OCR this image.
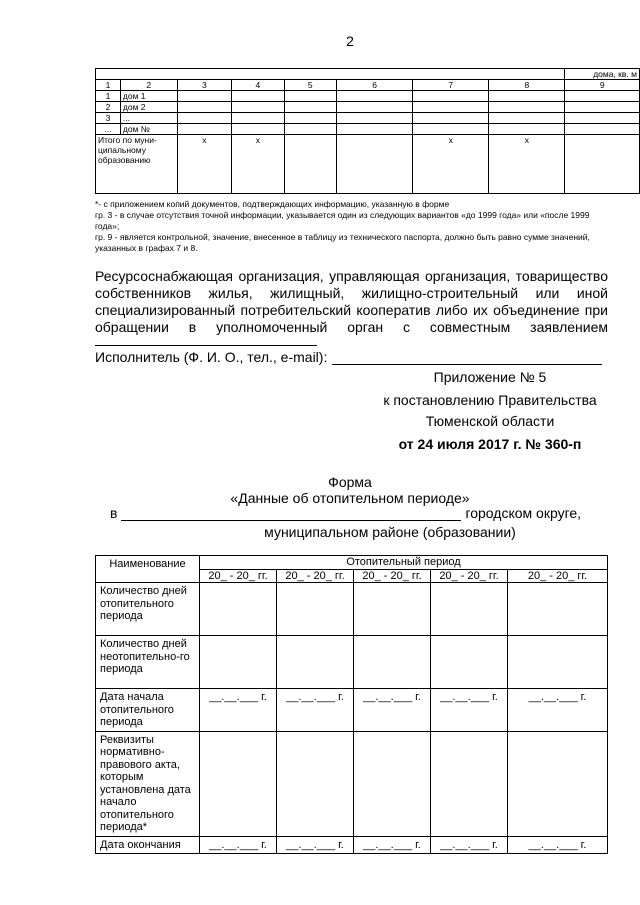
2
								дома, кв. м
1	2	3	4	5	6	7	8	9
1	дом 1							
2	дом 2							
3	...							
...	дом №							
Итого по муни-ципальному образованию		х	х			х	х	
*- с приложением копий документов, подтверждающих информацию, указанную в форме
гр. 3 - в случае отсутствия точной информации, указывается один из следующих вариантов «до 1999 года» или «после 1999 года»;
гр. 9 - является контрольной, значение, внесенное в таблицу из технического паспорта, должно быть равно сумме значений, указанных в графах 7 и 8.
Ресурсоснабжающая организация, управляющая организация, товарищество
собственников жилья, жилищный, жилищно-строительный или иной
специализированный потребительский кооператив либо их объединение при
обращении в уполномоченный орган с совместным заявлением
Исполнитель (Ф. И. О., тел., e-mail):
Приложение № 5
к постановлению Правительства
Тюменской области
от 24 июля 2017 г. № 360-п
Форма
«Данные об отопительном периоде»
в	городском округе,
муниципальном районе (образовании)
Наименование	Отопительный период				
	20_ - 20_ гг.	20_ - 20_ гг.	20_ - 20_ гг.	20_ - 20_ гг.	20_ - 20_ гг.
Количество дней отопительного периода					
Количество дней неотопительно-го периода					
Дата начала отопительного периода	__.__.___ г.	__.__.___ г.	__.__.___ г.	__.__.___ г.	__.__.___ г.
Реквизиты нормативно-правового акта, которым установлена дата начало отопительного периода*					
Дата окончания	__.__.___ г.	__.__.___ г.	__.__.___ г.	__.__.___ г.	__.__.___ г.
